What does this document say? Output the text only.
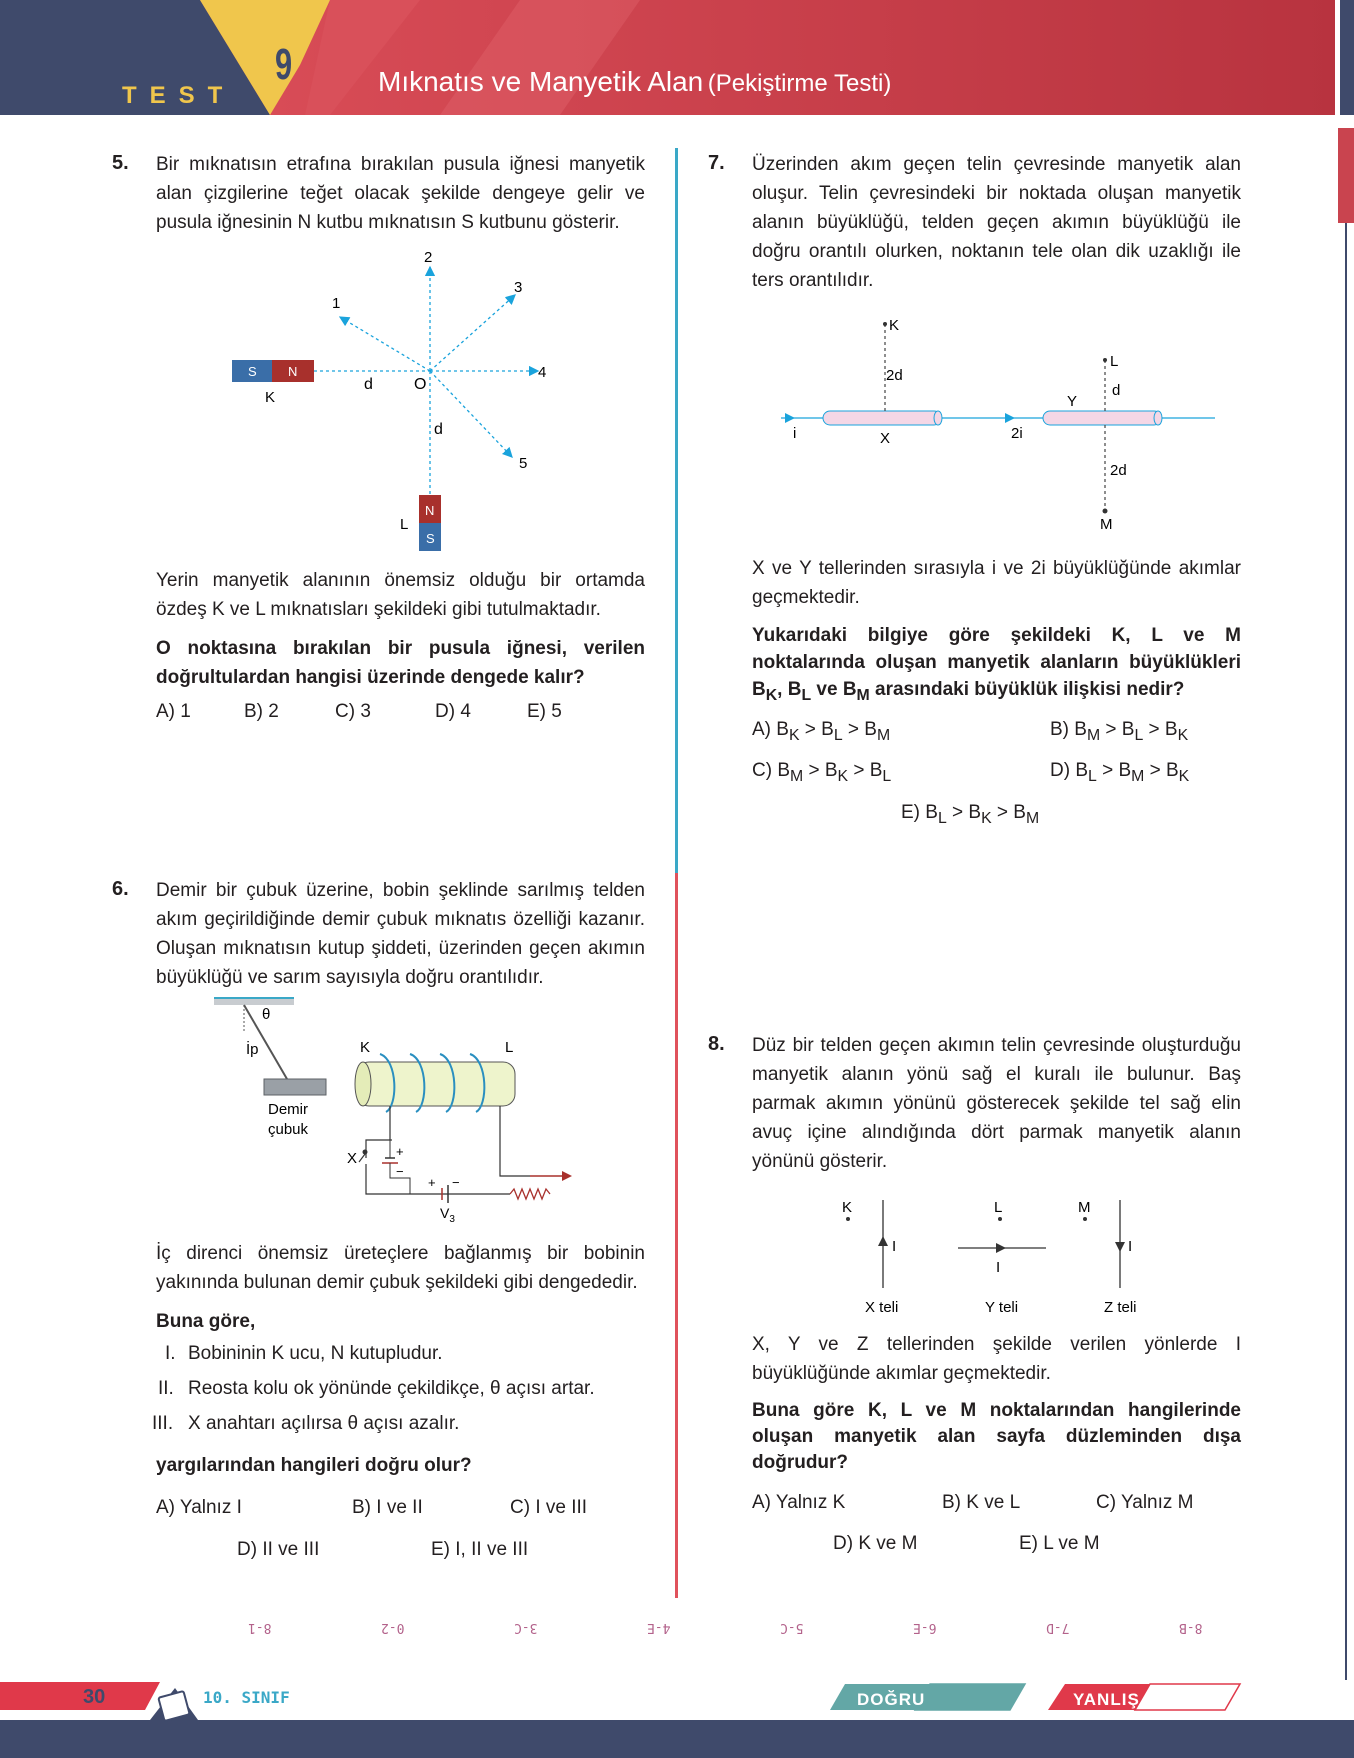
TEST
9	Mıknatıs ve Manyetik Alan (Pekiştirme Testi)
5. Bir mıknatısın etrafına bırakılan pusula iğnesi manyetik alan çizgilerine teğet olacak şekilde dengeye gelir ve pusula iğnesinin N kutbu mıknatısın S kutbunu gösterir.

S N
K
N
S
L
O
d
d
1
2
3
4
5

Yerin manyetik alanının önemsiz olduğu bir ortamda özdeş K ve L mıknatısları şekildeki gibi tutulmaktadır.

O noktasına bırakılan bir pusula iğnesi, verilen doğrultulardan hangisi üzerinde dengede kalır?

A) 1	B) 2	C) 3	D) 4	E) 5
6. Demir bir çubuk üzerine, bobin şeklinde sarılmış telden akım geçirildiğinde demir çubuk mıknatıs özelliği kazanır. Oluşan mıknatısın kutup şiddeti, üzerinden geçen akımın büyüklüğü ve sarım sayısıyla doğru orantılıdır.

θ
İp
Demir
çubuk
K	L
X	+
−
+ −
$V_3$

İç direnci önemsiz üreteçlere bağlanmış bir bobinin yakınında bulunan demir çubuk şekildeki gibi dengededir.

Buna göre,

I. Bobininin K ucu, N kutupludur.
II. Reosta kolu ok yönünde çekildikçe, θ açısı artar.
III. X anahtarı açılırsa θ açısı azalır.
yargılarından hangileri doğru olur?
A) Yalnız I	B) I ve II	C) I ve III
D) II ve III	E) I, II ve III
7. Üzerinden akım geçen telin çevresinde manyetik alan oluşur. Telin çevresindeki bir noktada oluşan manyetik alanın büyüklüğü, telden geçen akımın büyüklüğü ile doğru orantılı olurken, noktanın tele olan dik uzaklığı ile ters orantılıdır.

K
L
M
2d
d
2d
X
Y
i	2i

X ve Y tellerinden sırasıyla i ve 2i büyüklüğünde akımlar geçmektedir.

Yukarıdaki bilgiye göre şekildeki K, L ve M noktalarında oluşan manyetik alanların büyüklükleri $B_K$, $B_L$ ve $B_M$ arasındaki büyüklük ilişkisi nedir?

A) $B_K > B_L > B_M$	B) $B_M > B_L > B_K$
C) $B_M > B_K > B_L$	D) $B_L > B_M > B_K$
E) $B_L > B_K > B_M$
8. Düz bir telden geçen akımın telin çevresinde oluşturduğu manyetik alanın yönü sağ el kuralı ile bulunur. Baş parmak akımın yönünü gösterecek şekilde tel sağ elin avuç içine alındığında dört parmak manyetik alanın yönünü gösterir.

K
I
X teli
L
I
Y teli
M
I
Z teli

X, Y ve Z tellerinden şekilde verilen yönlerde I büyüklüğünde akımlar geçmektedir.

Buna göre K, L ve M noktalarından hangilerinde oluşan manyetik alan sayfa düzleminden dışa doğrudur?

A) Yalnız K	B) K ve L	C) Yalnız M
D) K ve M	E) L ve M
8-1	0-2	3-C	4-E	5-C	6-E	7-D	8-B
30	10. SINIF	DOĞRU	YANLIŞ
